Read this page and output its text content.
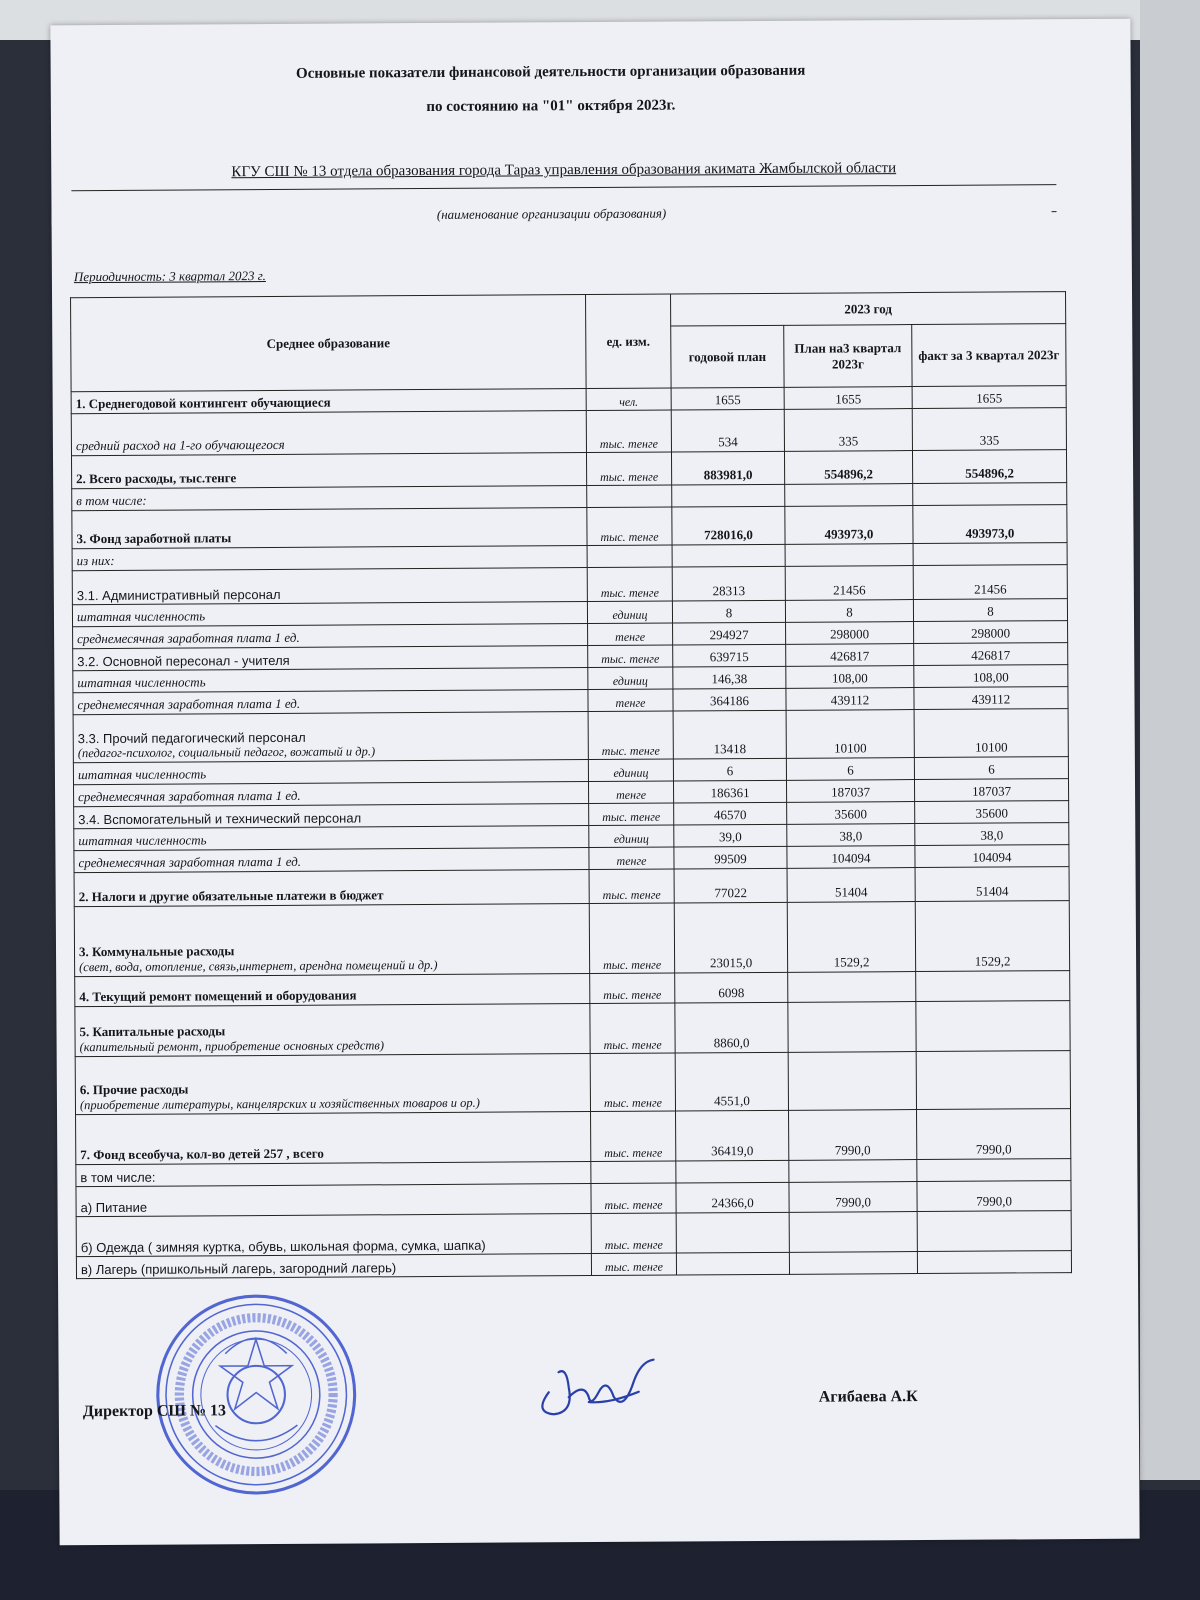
Основные показатели финансовой деятельности организации образования
по состоянию на "01" октября 2023г.
КГУ СШ № 13 отдела образования города Тараз управления образования акимата Жамбылской области
(наименование организации образования)
Периодичность: 3 квартал 2023 г.
Среднее образование	ед. изм.	2023 год		
		годовой план	План на3 квартал 2023г	факт за 3 квартал 2023г
1. Среднегодовой контингент обучающиеся	чел.	1655	1655	1655
средний расход на 1-го обучающегося	тыс. тенге	534	335	335
2. Всего расходы, тыс.тенге	тыс. тенге	883981,0	554896,2	554896,2
в том числе:				
3. Фонд заработной платы	тыс. тенге	728016,0	493973,0	493973,0
из них:				
3.1. Административный персонал	тыс. тенге	28313	21456	21456
штатная численность	единиц	8	8	8
среднемесячная заработная плата 1 ед.	тенге	294927	298000	298000
3.2. Основной пересонал - учителя	тыс. тенге	639715	426817	426817
штатная численность	единиц	146,38	108,00	108,00
среднемесячная заработная плата 1 ед.	тенге	364186	439112	439112
3.3. Прочий педагогический персонал
(педагог-психолог, социальный педагог, вожатый и др.)	тыс. тенге	13418	10100	10100
штатная численность	единиц	6	6	6
среднемесячная заработная плата 1 ед.	тенге	186361	187037	187037
3.4. Вспомогательный и технический персонал	тыс. тенге	46570	35600	35600
штатная численность	единиц	39,0	38,0	38,0
среднемесячная заработная плата 1 ед.	тенге	99509	104094	104094
2. Налоги и другие обязательные платежи в бюджет	тыс. тенге	77022	51404	51404
3. Коммунальные расходы
(свет, вода, отопление, связь,интернет, арендна помещений и др.)	тыс. тенге	23015,0	1529,2	1529,2
4. Текущий ремонт помещений и оборудования	тыс. тенге	6098		
5. Капитальные расходы
(капительный ремонт, приобретение основных средств)	тыс. тенге	8860,0		
6. Прочие расходы
(приобретение литературы, канцелярских и хозяйственных товаров и ор.)	тыс. тенге	4551,0		
7. Фонд всеобуча, кол-во детей 257 , всего	тыс. тенге	36419,0	7990,0	7990,0
в том числе:				
а) Питание	тыс. тенге	24366,0	7990,0	7990,0
б) Одежда ( зимняя куртка, обувь, школьная форма, сумка, шапка)	тыс. тенге			
в) Лагерь (пришкольный лагерь, загородний лагерь)	тыс. тенге			
Директор СШ № 13
Агибаева А.К
